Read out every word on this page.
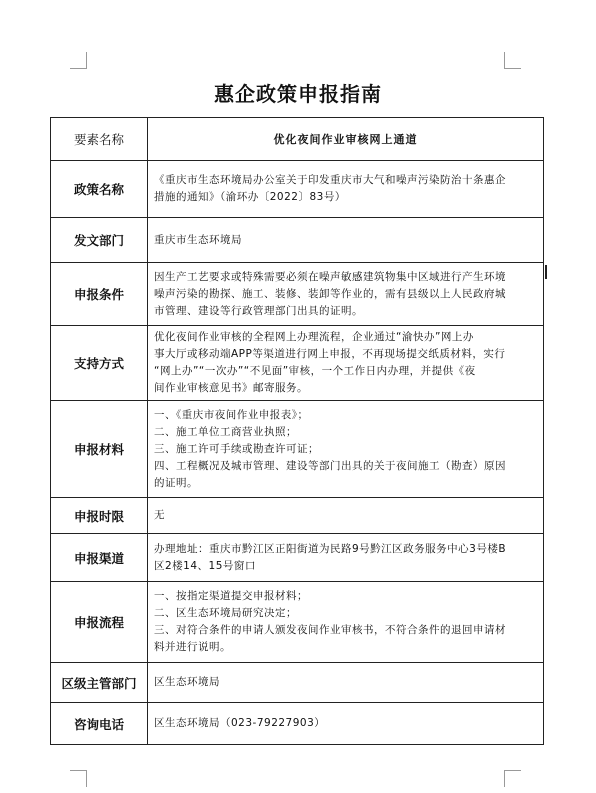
惠企政策申报指南
要素名称	优化夜间作业审核网上通道
政策名称	《重庆市生态环境局办公室关于印发重庆市大气和噪声污染防治十条惠企
措施的通知》（渝环办〔2022〕83号）

发文部门	重庆市生态环境局

申报条件	因生产工艺要求或特殊需要必须在噪声敏感建筑物集中区域进行产生环境
噪声污染的勘探、施工、装修、装卸等作业的，需有县级以上人民政府城
市管理、建设等行政管理部门出具的证明。

支持方式	优化夜间作业审核的全程网上办理流程，企业通过“渝快办”网上办
事大厅或移动端APP等渠道进行网上申报，不再现场提交纸质材料，实行
“网上办”“一次办”“不见面”审核，一个工作日内办理，并提供《夜
间作业审核意见书》邮寄服务。

申报材料	一、《重庆市夜间作业申报表》；
二、施工单位工商营业执照；
三、施工许可手续或勘查许可证；
四、工程概况及城市管理、建设等部门出具的关于夜间施工（勘查）原因
的证明。

申报时限	无

申报渠道	办理地址：重庆市黔江区正阳街道为民路9号黔江区政务服务中心3号楼B
区2楼14、15号窗口

申报流程	一、按指定渠道提交申报材料；
二、区生态环境局研究决定；
三、对符合条件的申请人颁发夜间作业审核书，不符合条件的退回申请材
料并进行说明。

区级主管部门	区生态环境局

咨询电话	区生态环境局（023-79227903）
